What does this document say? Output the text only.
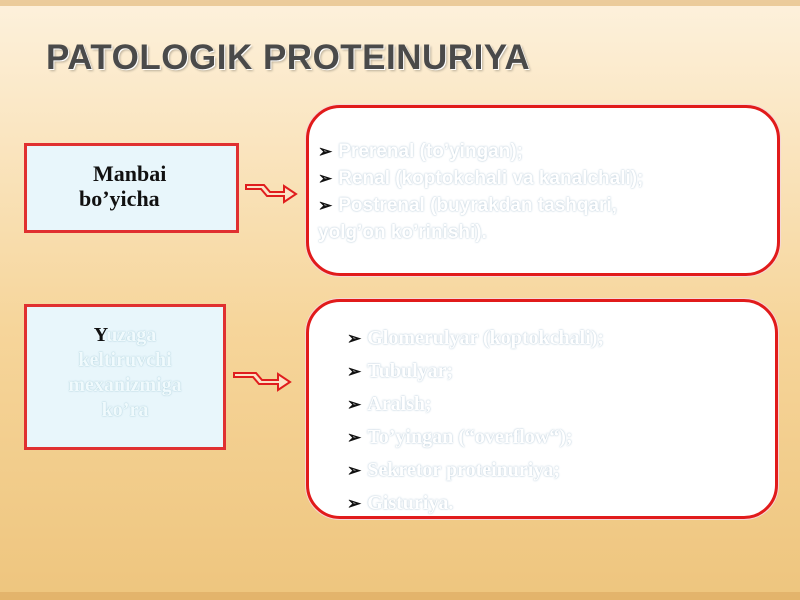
PATOLOGIK PROTEINURIYA
Manbai
bo’yicha
Yuzaga
keltiruvchi
mexanizmiga
ko’ra
➢ Prerenal (to’yingan);
➢ Renal (koptokchali va kanalchali);
➢ Postrenal (buyrakdan tashqari,
yolg’on ko’rinishi).
➢ Glomerulyar (koptokchali);
➢ Tubulyar;
➢ Aralsh;
➢ To’yingan (“overflow“);
➢ Sekretor proteinuriya;
➢ Gisturiya.
